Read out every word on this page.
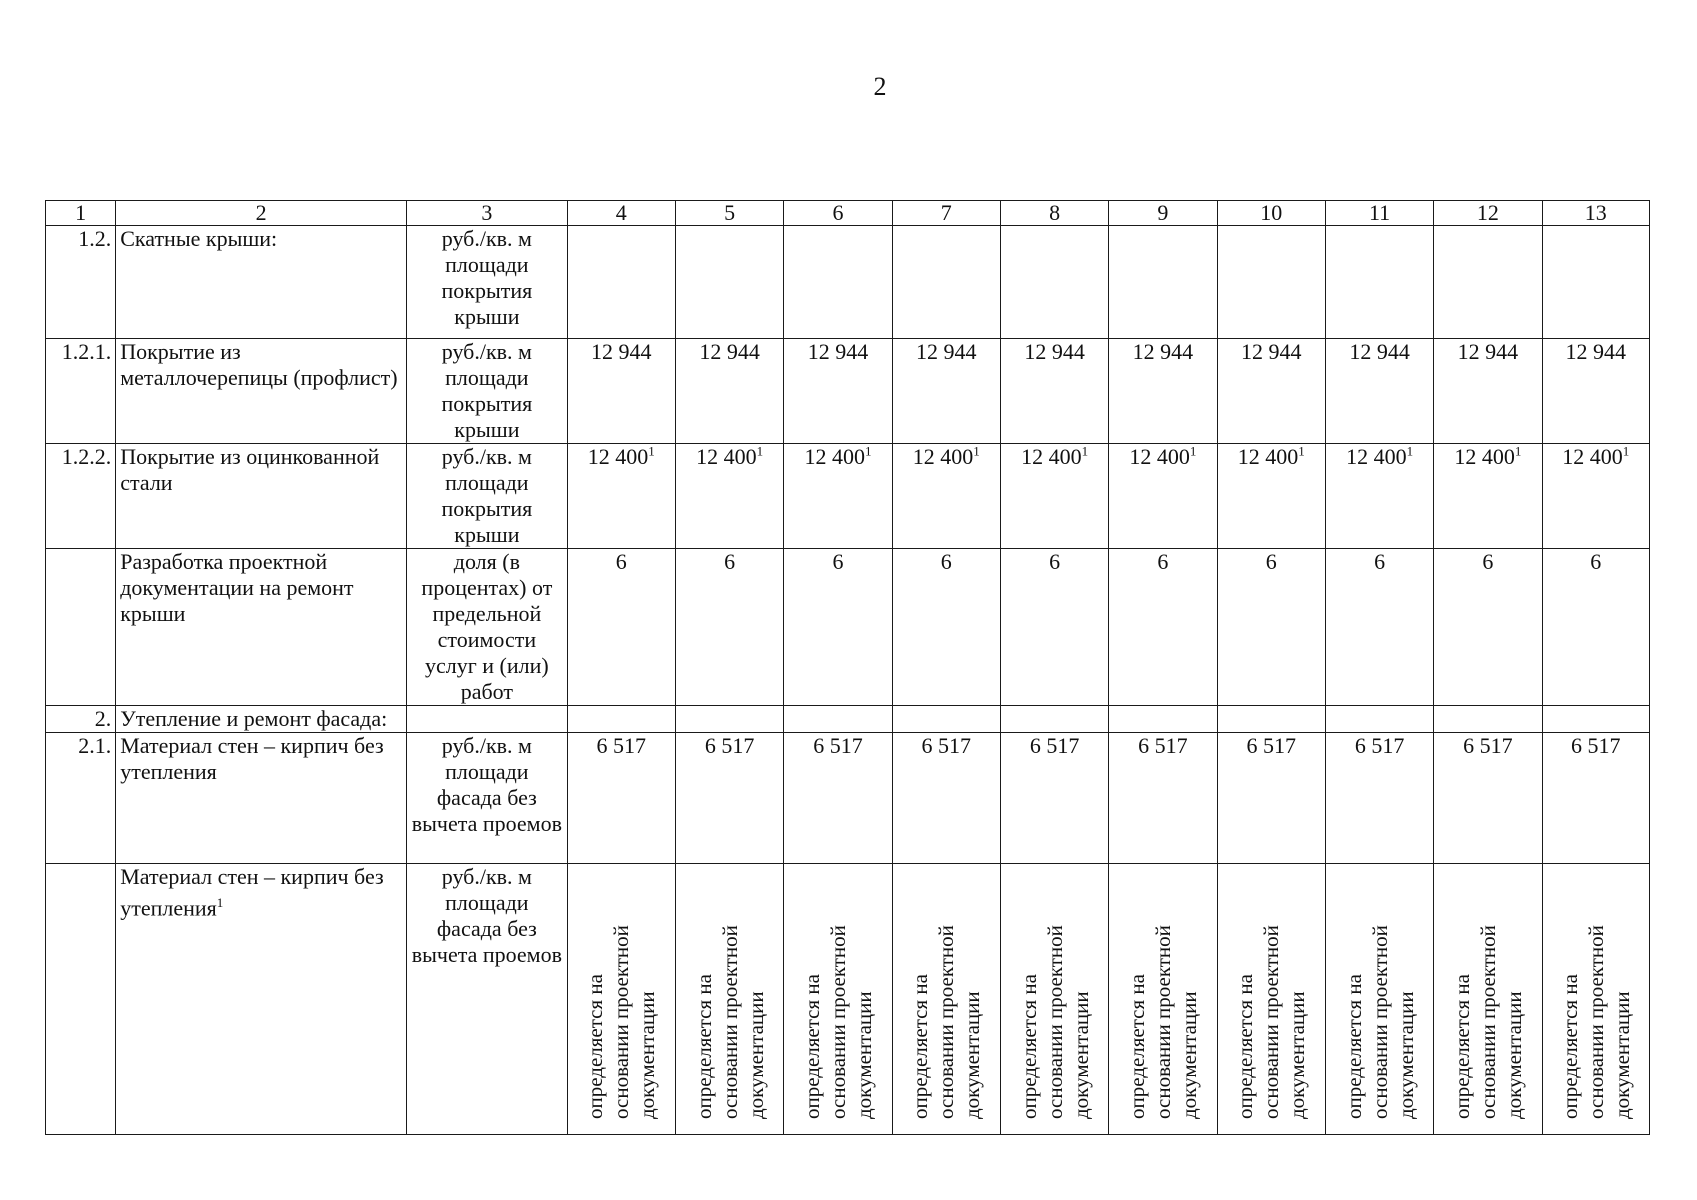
2
1	2	3	4	5	6	7	8	9	10	11	12	13
1.2.	Скатные крыши:	руб./кв. м площади покрытия крыши										
1.2.1.	Покрытие из металлочерепицы (профлист)	руб./кв. м площади покрытия крыши	12 944	12 944	12 944	12 944	12 944	12 944	12 944	12 944	12 944	12 944
1.2.2.	Покрытие из оцинкованной стали	руб./кв. м площади покрытия крыши	12 $400^1$	12 $400^1$	12 $400^1$	12 $400^1$	12 $400^1$	12 $400^1$	12 $400^1$	12 $400^1$	12 $400^1$	12 $400^1$
	Разработка проектной документации на ремонт крыши	доля (в процентах) от предельной стоимости услуг и (или) работ	6	6	6	6	6	6	6	6	6	6
2.	Утепление и ремонт фасада:											
2.1.	Материал стен – кирпич без утепления	руб./кв. м площади фасада без вычета проемов	6 517	6 517	6 517	6 517	6 517	6 517	6 517	6 517	6 517	6 517
	Материал стен – кирпич без утепления$^1$	руб./кв. м площади фасада без вычета проемов	определяется на основании проектной документации	определяется на основании проектной документации	определяется на основании проектной документации	определяется на основании проектной документации	определяется на основании проектной документации	определяется на основании проектной документации	определяется на основании проектной документации	определяется на основании проектной документации	определяется на основании проектной документации	определяется на основании проектной документации
